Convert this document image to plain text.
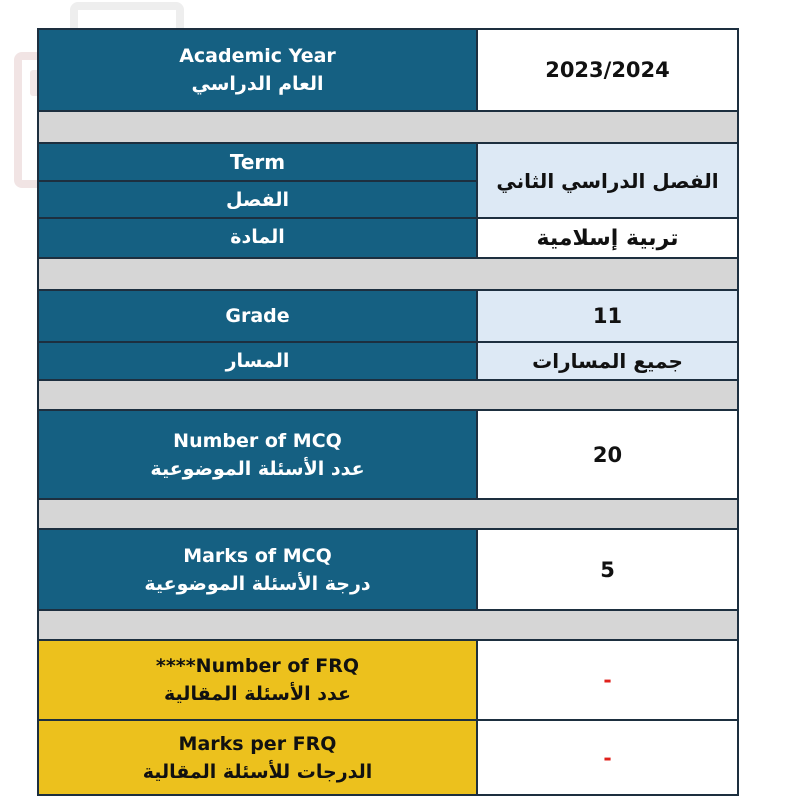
Academic Year
العام الدراسي
2023/2024
Term
الفصل
المادة
الفصل الدراسي الثاني
تربية إسلامية
Grade
المسار
11
جميع المسارات
Number of MCQ
عدد الأسئلة الموضوعية
20
Marks of MCQ
درجة الأسئلة الموضوعية
5
****Number of FRQ
عدد الأسئلة المقالية
-
Marks per FRQ
الدرجات للأسئلة المقالية
-
